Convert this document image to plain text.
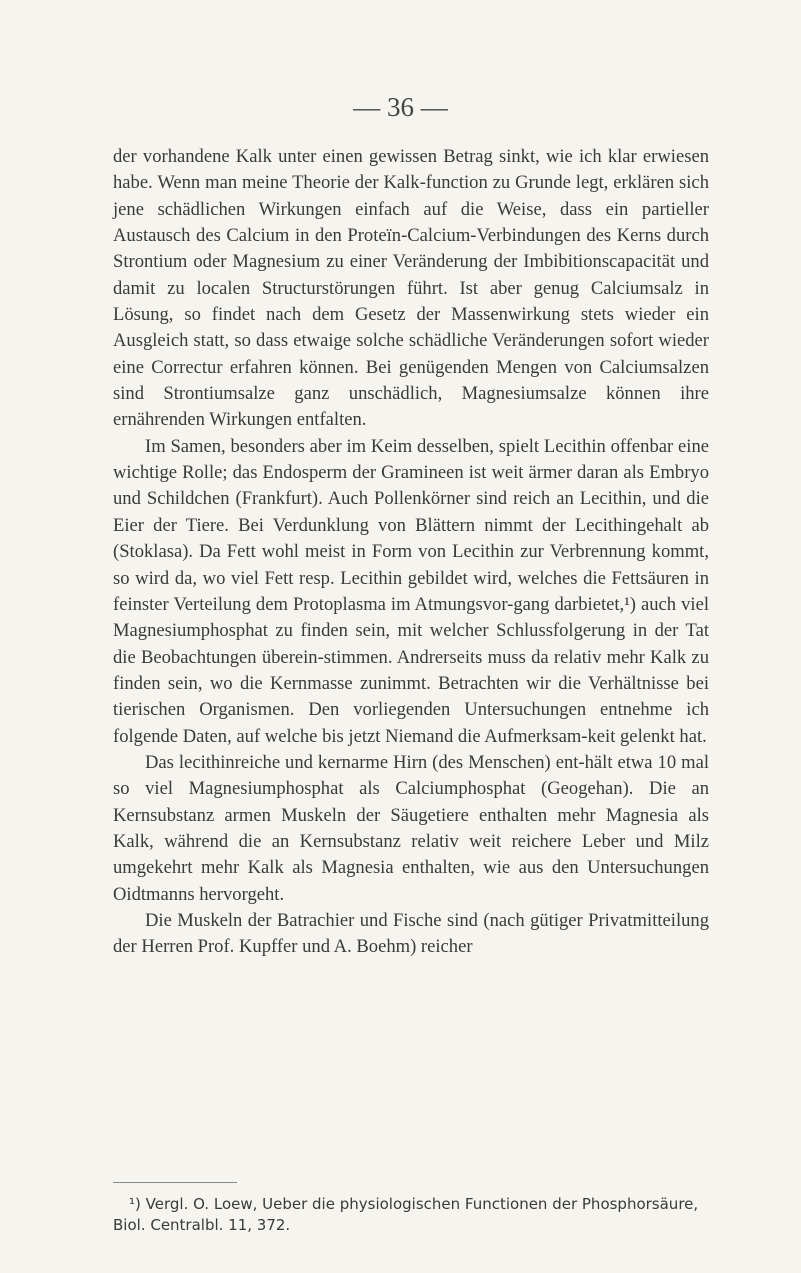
— 36 —

der vorhandene Kalk unter einen gewissen Betrag sinkt, wie ich klar erwiesen habe. Wenn man meine Theorie der Kalk-function zu Grunde legt, erklären sich jene schädlichen Wirkungen einfach auf die Weise, dass ein partieller Austausch des Calcium in den Proteïn-Calcium-Verbindungen des Kerns durch Strontium oder Magnesium zu einer Veränderung der Imbibitionscapacität und damit zu localen Structurstörungen führt. Ist aber genug Calciumsalz in Lösung, so findet nach dem Gesetz der Massenwirkung stets wieder ein Ausgleich statt, so dass etwaige solche schädliche Veränderungen sofort wieder eine Correctur erfahren können. Bei genügenden Mengen von Calciumsalzen sind Strontiumsalze ganz unschädlich, Magnesiumsalze können ihre ernährenden Wirkungen entfalten.

Im Samen, besonders aber im Keim desselben, spielt Lecithin offenbar eine wichtige Rolle; das Endosperm der Gramineen ist weit ärmer daran als Embryo und Schildchen (Frankfurt). Auch Pollenkörner sind reich an Lecithin, und die Eier der Tiere. Bei Verdunklung von Blättern nimmt der Lecithingehalt ab (Stoklasa). Da Fett wohl meist in Form von Lecithin zur Verbrennung kommt, so wird da, wo viel Fett resp. Lecithin gebildet wird, welches die Fettsäuren in feinster Verteilung dem Protoplasma im Atmungsvor-gang darbietet,¹) auch viel Magnesiumphosphat zu finden sein, mit welcher Schlussfolgerung in der Tat die Beobachtungen überein-stimmen. Andrerseits muss da relativ mehr Kalk zu finden sein, wo die Kernmasse zunimmt. Betrachten wir die Verhältnisse bei tierischen Organismen. Den vorliegenden Untersuchungen entnehme ich folgende Daten, auf welche bis jetzt Niemand die Aufmerksam-keit gelenkt hat.

Das lecithinreiche und kernarme Hirn (des Menschen) ent-hält etwa 10 mal so viel Magnesiumphosphat als Calciumphosphat (Geogehan). Die an Kernsubstanz armen Muskeln der Säugetiere enthalten mehr Magnesia als Kalk, während die an Kernsubstanz relativ weit reichere Leber und Milz umgekehrt mehr Kalk als Magnesia enthalten, wie aus den Untersuchungen Oidtmanns hervorgeht.

Die Muskeln der Batrachier und Fische sind (nach gütiger Privatmitteilung der Herren Prof. Kupffer und A. Boehm) reicher

¹) Vergl. O. Loew, Ueber die physiologischen Functionen der Phosphorsäure, Biol. Centralbl. 11, 372.
